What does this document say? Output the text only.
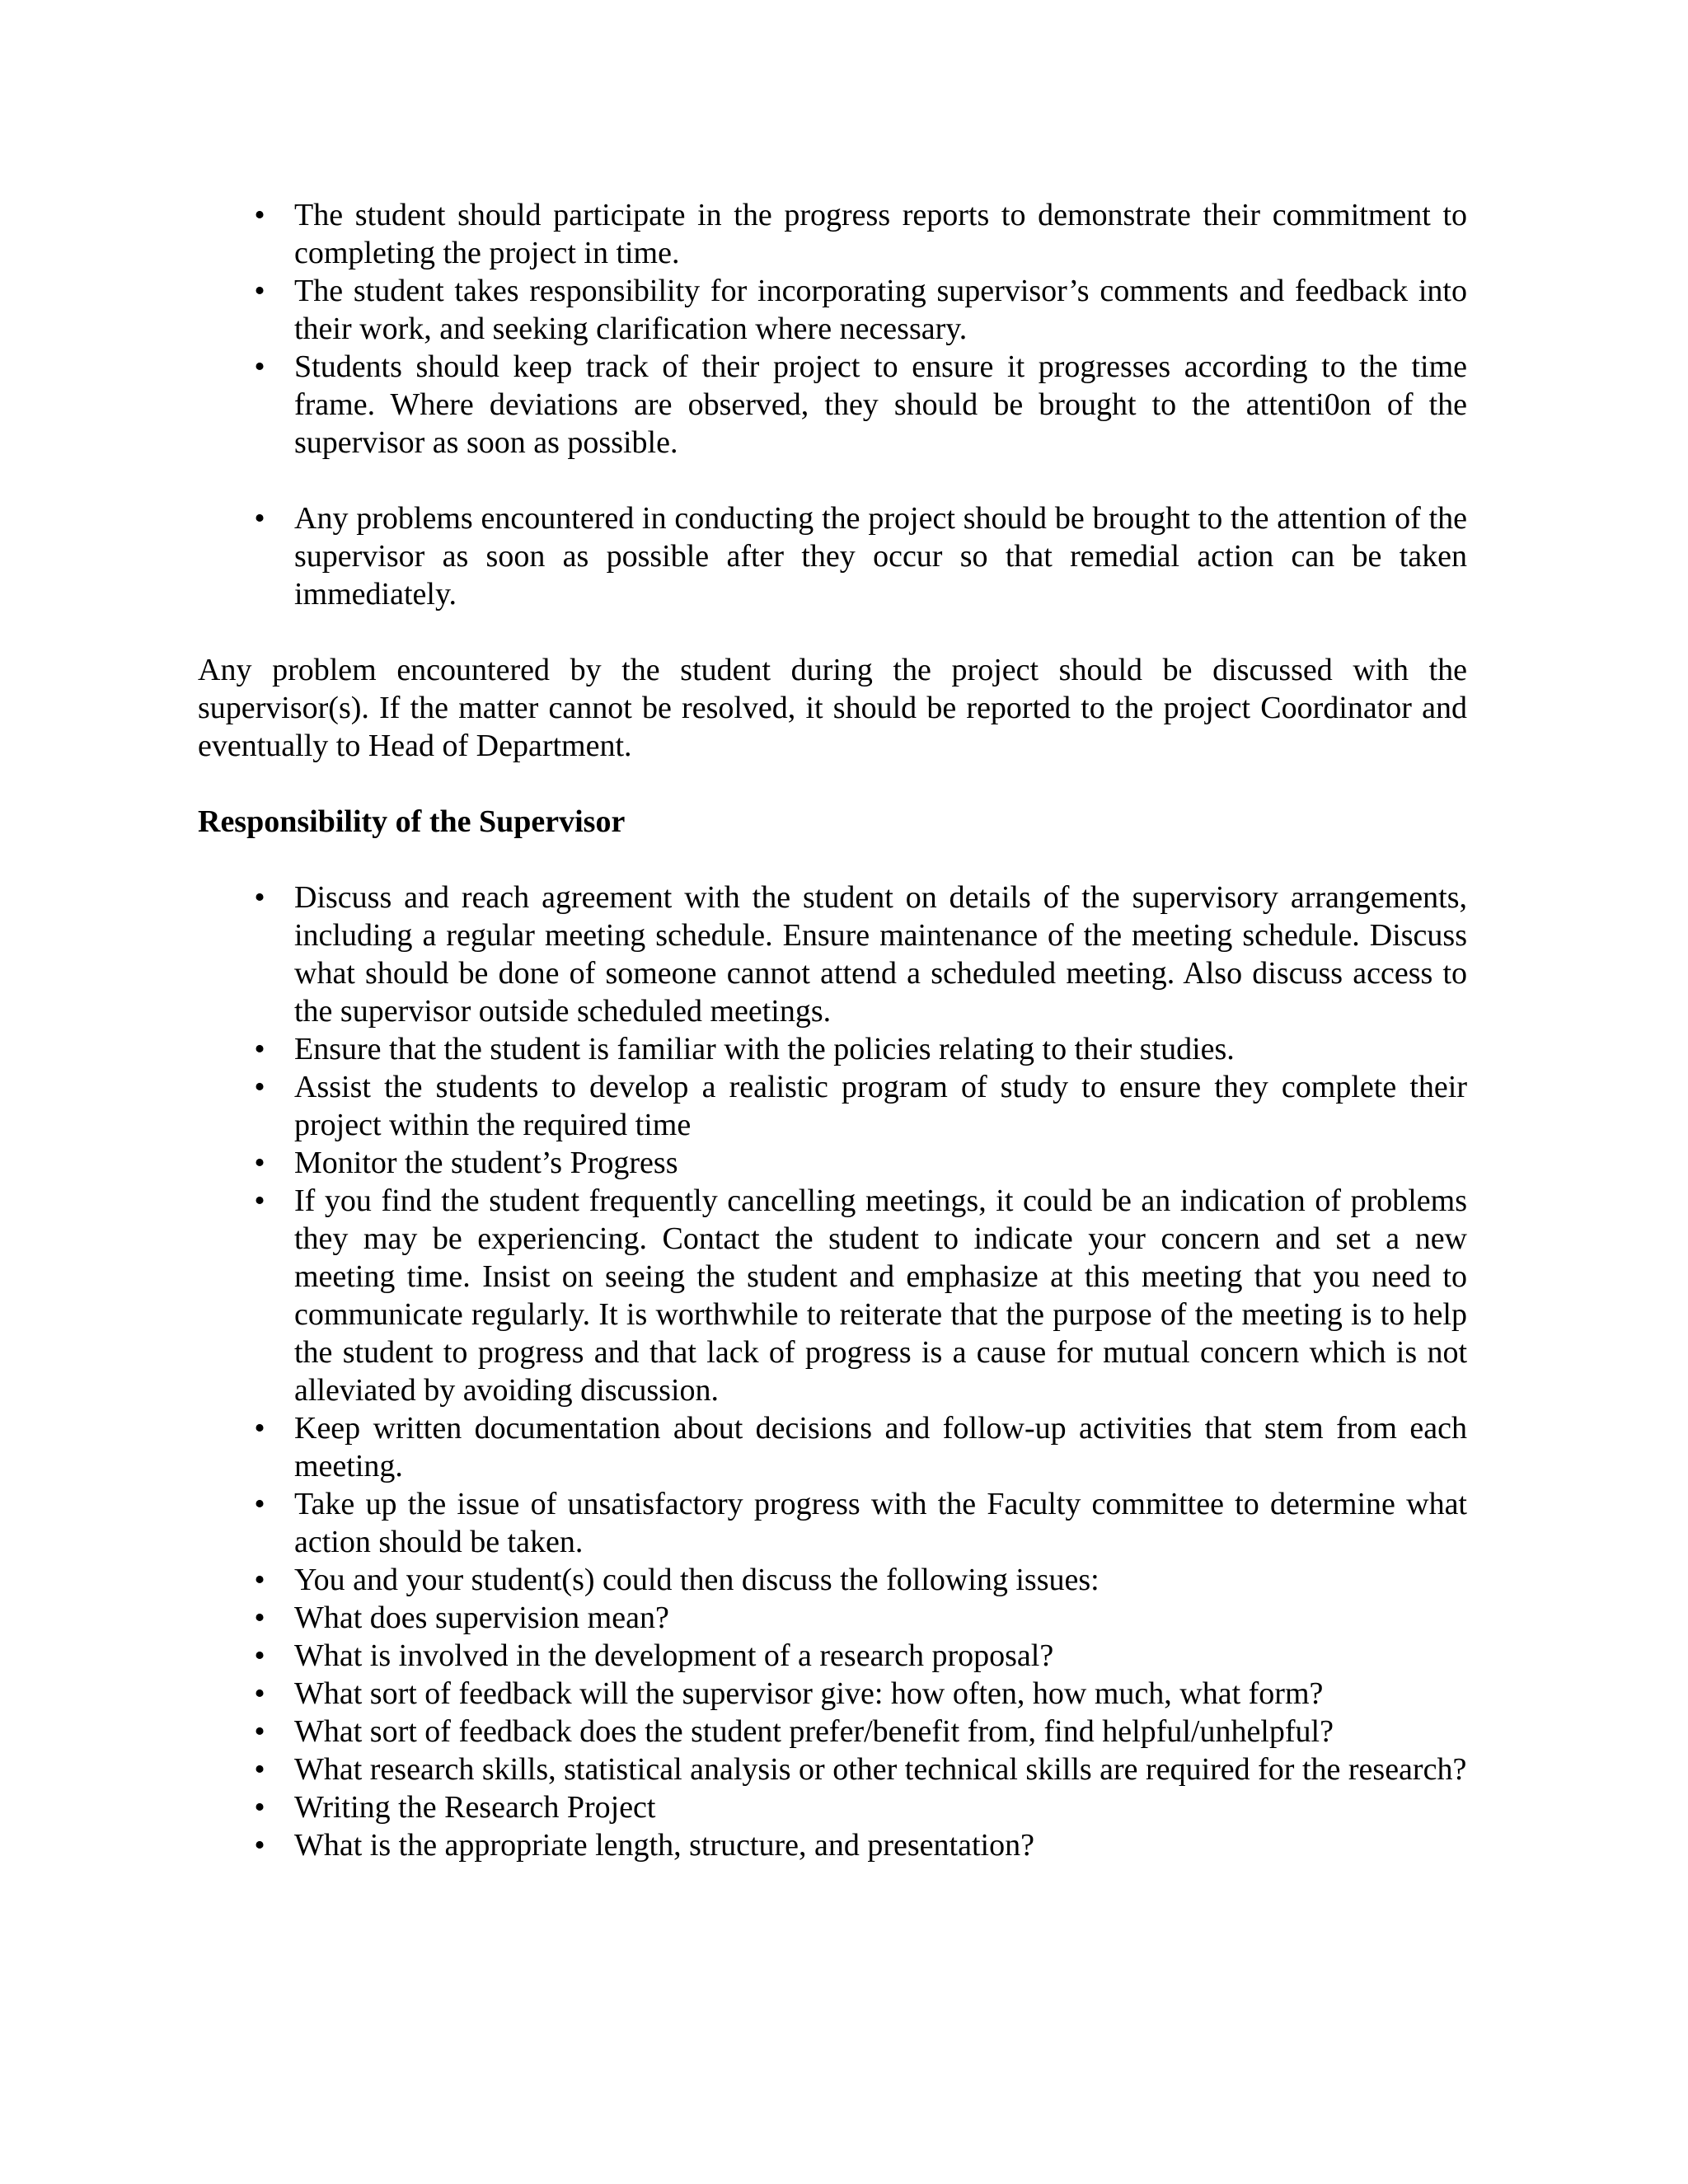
• The student should participate in the progress reports to demonstrate their commitment to completing the project in time.
• The student takes responsibility for incorporating supervisor’s comments and feedback into their work, and seeking clarification where necessary.
• Students should keep track of their project to ensure it progresses according to the time frame. Where deviations are observed, they should be brought to the attenti0on of the supervisor as soon as possible.
• Any problems encountered in conducting the project should be brought to the attention of the supervisor as soon as possible after they occur so that remedial action can be taken immediately.

Any problem encountered by the student during the project should be discussed with the supervisor(s). If the matter cannot be resolved, it should be reported to the project Coordinator and eventually to Head of Department.

Responsibility of the Supervisor

• Discuss and reach agreement with the student on details of the supervisory arrangements, including a regular meeting schedule. Ensure maintenance of the meeting schedule. Discuss what should be done of someone cannot attend a scheduled meeting. Also discuss access to the supervisor outside scheduled meetings.
• Ensure that the student is familiar with the policies relating to their studies.
• Assist the students to develop a realistic program of study to ensure they complete their project within the required time
• Monitor the student’s Progress
• If you find the student frequently cancelling meetings, it could be an indication of problems they may be experiencing. Contact the student to indicate your concern and set a new meeting time. Insist on seeing the student and emphasize at this meeting that you need to communicate regularly. It is worthwhile to reiterate that the purpose of the meeting is to help the student to progress and that lack of progress is a cause for mutual concern which is not alleviated by avoiding discussion.
• Keep written documentation about decisions and follow-up activities that stem from each meeting.
• Take up the issue of unsatisfactory progress with the Faculty committee to determine what action should be taken.
• You and your student(s) could then discuss the following issues:
• What does supervision mean?
• What is involved in the development of a research proposal?
• What sort of feedback will the supervisor give: how often, how much, what form?
• What sort of feedback does the student prefer/benefit from, find helpful/unhelpful?
• What research skills, statistical analysis or other technical skills are required for the research?
• Writing the Research Project
• What is the appropriate length, structure, and presentation?
